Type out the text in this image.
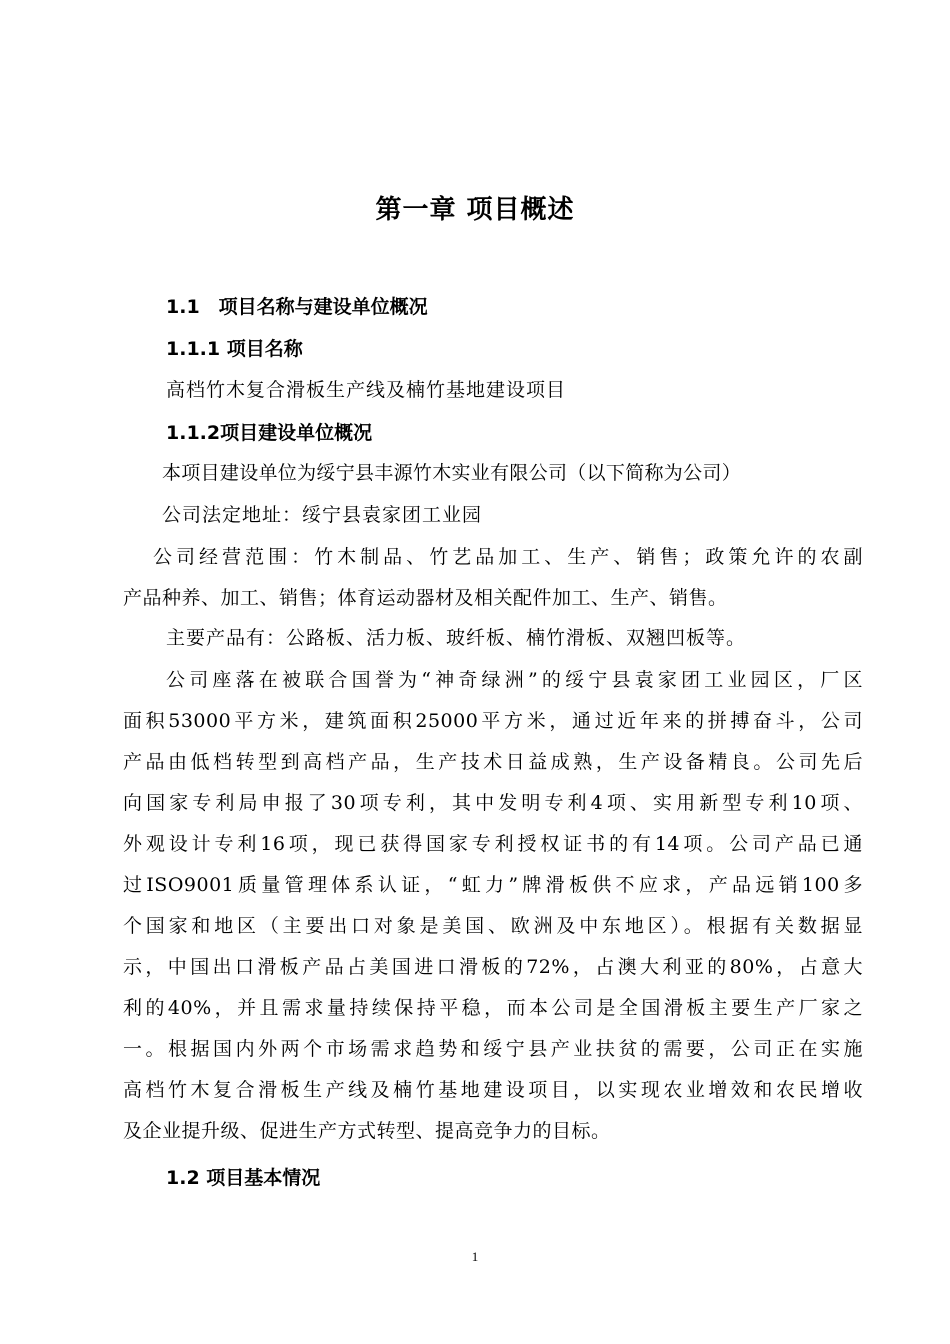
第一章 项目概述
1.1　项目名称与建设单位概况
1.1.1 项目名称
高档竹木复合滑板生产线及楠竹基地建设项目
1.1.2项目建设单位概况
本项目建设单位为绥宁县丰源竹木实业有限公司（以下简称为公司）
公司法定地址：绥宁县袁家团工业园
公司经营范围：竹木制品、竹艺品加工、生产、销售；政策允许的农副
产品种养、加工、销售；体育运动器材及相关配件加工、生产、销售。
主要产品有：公路板、活力板、玻纤板、楠竹滑板、双翘凹板等。
公司座落在被联合国誉为“神奇绿洲”的绥宁县袁家团工业园区，厂区
面积53000平方米，建筑面积25000平方米，通过近年来的拼搏奋斗，公司
产品由低档转型到高档产品，生产技术日益成熟，生产设备精良。公司先后
向国家专利局申报了30项专利，其中发明专利4项、实用新型专利10项、
外观设计专利16项，现已获得国家专利授权证书的有14项。公司产品已通
过ISO9001质量管理体系认证，“虹力”牌滑板供不应求，产品远销100多
个国家和地区（主要出口对象是美国、欧洲及中东地区）。根据有关数据显
示，中国出口滑板产品占美国进口滑板的72%，占澳大利亚的80%，占意大
利的40%，并且需求量持续保持平稳，而本公司是全国滑板主要生产厂家之
一。根据国内外两个市场需求趋势和绥宁县产业扶贫的需要，公司正在实施
高档竹木复合滑板生产线及楠竹基地建设项目，以实现农业增效和农民增收
及企业提升级、促进生产方式转型、提高竞争力的目标。
1.2 项目基本情况
1
